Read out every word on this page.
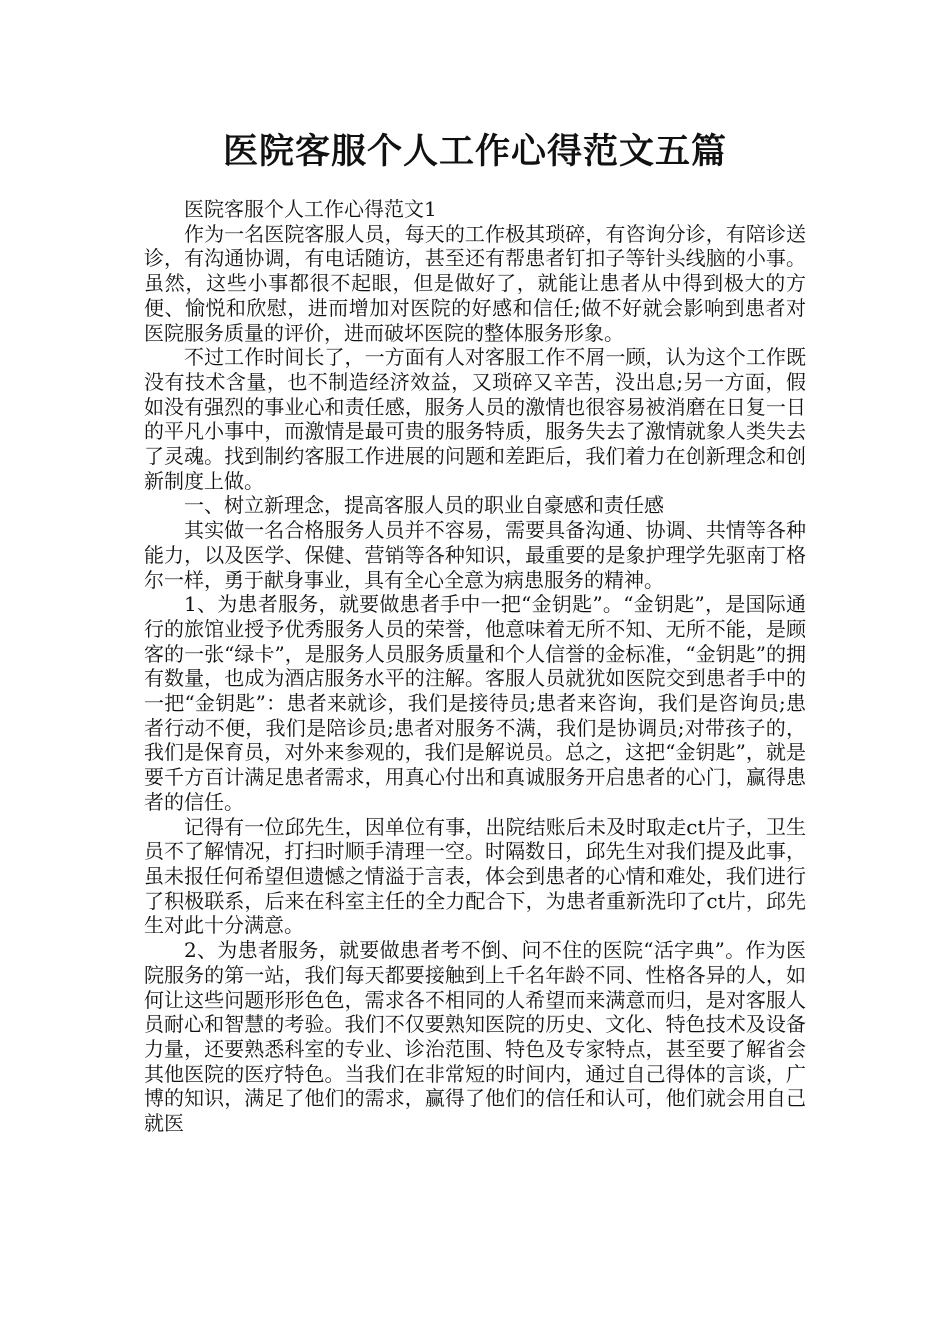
医院客服个人工作心得范文五篇

医院客服个人工作心得范文1

作为一名医院客服人员，每天的工作极其琐碎，有咨询分诊，有陪诊送诊，有沟通协调，有电话随访，甚至还有帮患者钉扣子等针头线脑的小事。虽然，这些小事都很不起眼，但是做好了，就能让患者从中得到极大的方便、愉悦和欣慰，进而增加对医院的好感和信任;做不好就会影响到患者对医院服务质量的评价，进而破坏医院的整体服务形象。

不过工作时间长了，一方面有人对客服工作不屑一顾，认为这个工作既没有技术含量，也不制造经济效益，又琐碎又辛苦，没出息;另一方面，假如没有强烈的事业心和责任感，服务人员的激情也很容易被消磨在日复一日的平凡小事中，而激情是最可贵的服务特质，服务失去了激情就象人类失去了灵魂。找到制约客服工作进展的问题和差距后，我们着力在创新理念和创新制度上做。

一、树立新理念，提高客服人员的职业自豪感和责任感

其实做一名合格服务人员并不容易，需要具备沟通、协调、共情等各种能力，以及医学、保健、营销等各种知识，最重要的是象护理学先驱南丁格尔一样，勇于献身事业，具有全心全意为病患服务的精神。

1、为患者服务，就要做患者手中一把“金钥匙”。“金钥匙”，是国际通行的旅馆业授予优秀服务人员的荣誉，他意味着无所不知、无所不能，是顾客的一张“绿卡”，是服务人员服务质量和个人信誉的金标准，“金钥匙”的拥有数量，也成为酒店服务水平的注解。客服人员就犹如医院交到患者手中的一把“金钥匙”：患者来就诊，我们是接待员;患者来咨询，我们是咨询员;患者行动不便，我们是陪诊员;患者对服务不满，我们是协调员;对带孩子的，我们是保育员，对外来参观的，我们是解说员。总之，这把“金钥匙”，就是要千方百计满足患者需求，用真心付出和真诚服务开启患者的心门，赢得患者的信任。

记得有一位邱先生，因单位有事，出院结账后未及时取走ct片子，卫生员不了解情况，打扫时顺手清理一空。时隔数日，邱先生对我们提及此事，虽未报任何希望但遗憾之情溢于言表，体会到患者的心情和难处，我们进行了积极联系，后来在科室主任的全力配合下，为患者重新洗印了ct片，邱先生对此十分满意。

2、为患者服务，就要做患者考不倒、问不住的医院“活字典”。作为医院服务的第一站，我们每天都要接触到上千名年龄不同、性格各异的人，如何让这些问题形形色色，需求各不相同的人希望而来满意而归，是对客服人员耐心和智慧的考验。我们不仅要熟知医院的历史、文化、特色技术及设备力量，还要熟悉科室的专业、诊治范围、特色及专家特点，甚至要了解省会其他医院的医疗特色。当我们在非常短的时间内，通过自己得体的言谈，广博的知识，满足了他们的需求，赢得了他们的信任和认可，他们就会用自己就医
